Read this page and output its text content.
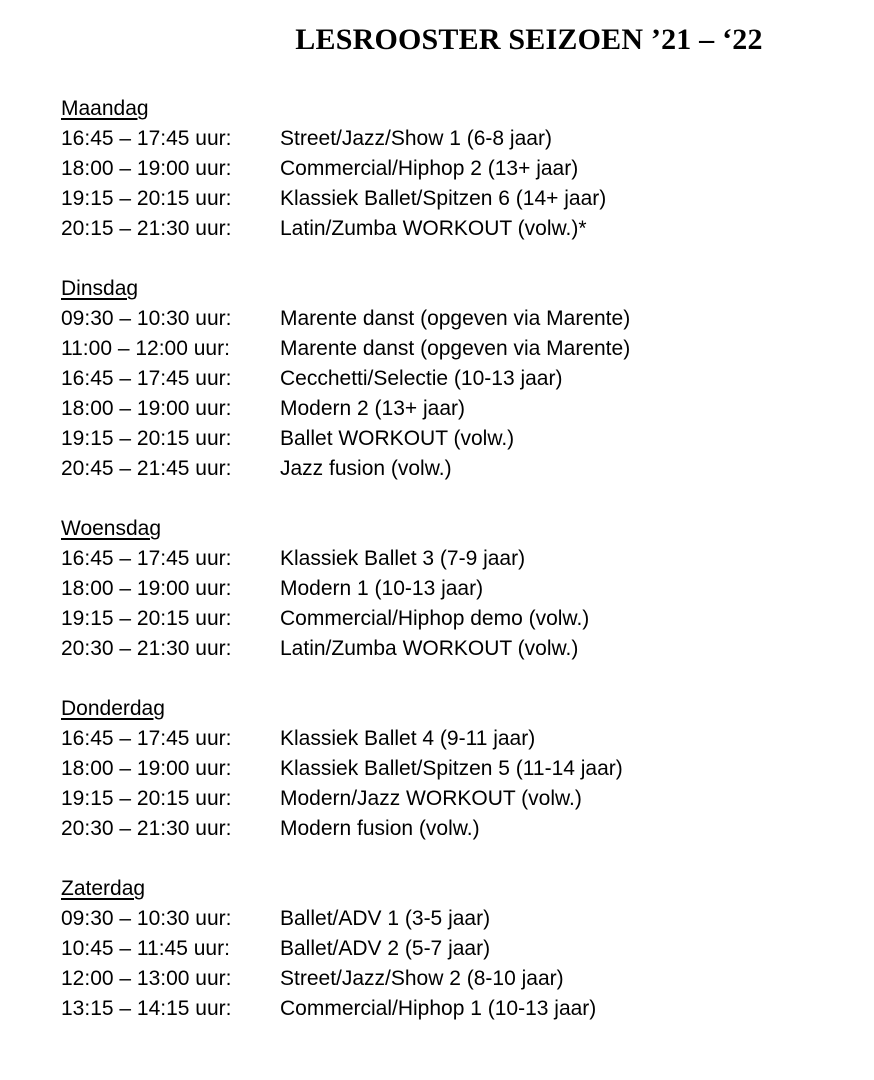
LESROOSTER SEIZOEN ’21 – ‘22
Maandag
16:45 – 17:45 uur:	Street/Jazz/Show 1 (6-8 jaar)
18:00 – 19:00 uur:	Commercial/Hiphop 2 (13+ jaar)
19:15 – 20:15 uur:	Klassiek Ballet/Spitzen 6 (14+ jaar)
20:15 – 21:30 uur:	Latin/Zumba WORKOUT (volw.)*
Dinsdag
09:30 – 10:30 uur:	Marente danst (opgeven via Marente)
11:00 – 12:00 uur:	Marente danst (opgeven via Marente)
16:45 – 17:45 uur:	Cecchetti/Selectie (10-13 jaar)
18:00 – 19:00 uur:	Modern 2 (13+ jaar)
19:15 – 20:15 uur:	Ballet WORKOUT (volw.)
20:45 – 21:45 uur:	Jazz fusion (volw.)
Woensdag
16:45 – 17:45 uur:	Klassiek Ballet 3 (7-9 jaar)
18:00 – 19:00 uur:	Modern 1 (10-13 jaar)
19:15 – 20:15 uur:	Commercial/Hiphop demo (volw.)
20:30 – 21:30 uur:	Latin/Zumba WORKOUT (volw.)
Donderdag
16:45 – 17:45 uur:	Klassiek Ballet 4 (9-11 jaar)
18:00 – 19:00 uur:	Klassiek Ballet/Spitzen 5 (11-14 jaar)
19:15 – 20:15 uur:	Modern/Jazz WORKOUT (volw.)
20:30 – 21:30 uur:	Modern fusion (volw.)
Zaterdag
09:30 – 10:30 uur:	Ballet/ADV 1 (3-5 jaar)
10:45 – 11:45 uur:	Ballet/ADV 2 (5-7 jaar)
12:00 – 13:00 uur:	Street/Jazz/Show 2 (8-10 jaar)
13:15 – 14:15 uur:	Commercial/Hiphop 1 (10-13 jaar)
